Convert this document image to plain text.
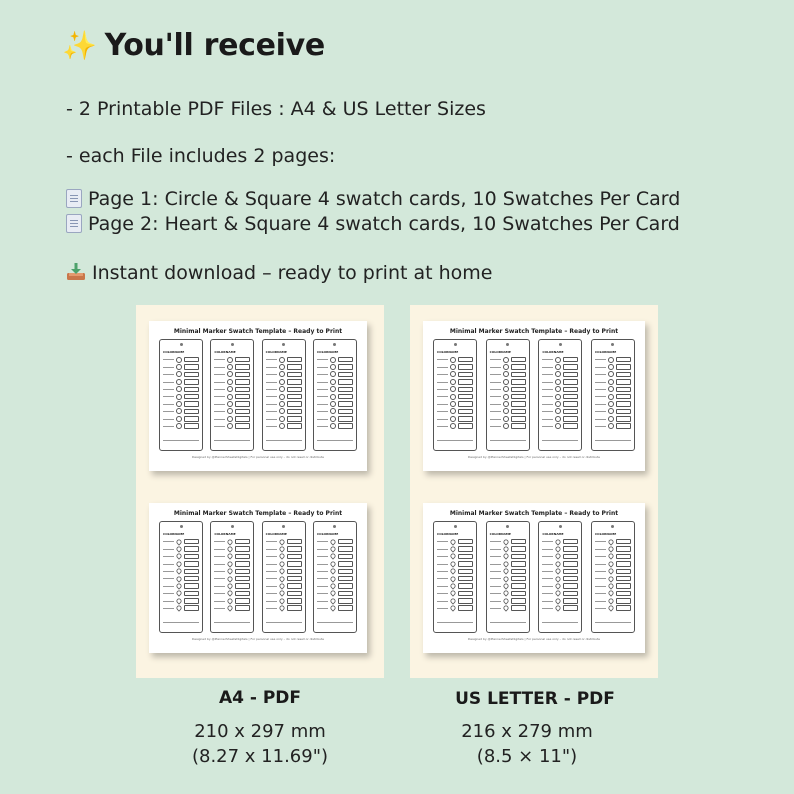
✨ You'll receive
- 2 Printable PDF Files : A4 & US Letter Sizes
- each File includes 2 pages:
Page 1: Circle & Square 4 swatch cards, 10 Swatches Per Card
Page 2: Heart & Square 4 swatch cards, 10 Swatches Per Card
Instant download – ready to print at home
Minimal Marker Swatch Template – Ready to Print
COLORNAME	COLORNAME	COLORNAME	COLORNAME
Designed by @PlannerSheetsDigitals | For personal use only – do not resell or distribute
Minimal Marker Swatch Template – Ready to Print
COLORNAME	COLORNAME	COLORNAME	COLORNAME
Designed by @PlannerSheetsDigitals | For personal use only – do not resell or distribute
Minimal Marker Swatch Template – Ready to Print
COLORNAME	COLORNAME	COLORNAME	COLORNAME
Designed by @PlannerSheetsDigitals | For personal use only – do not resell or distribute
Minimal Marker Swatch Template – Ready to Print
COLORNAME	COLORNAME	COLORNAME	COLORNAME
Designed by @PlannerSheetsDigitals | For personal use only – do not resell or distribute
A4 - PDF
210 x 297 mm
(8.27 x 11.69")
US LETTER - PDF
216 x 279 mm
(8.5 × 11")
